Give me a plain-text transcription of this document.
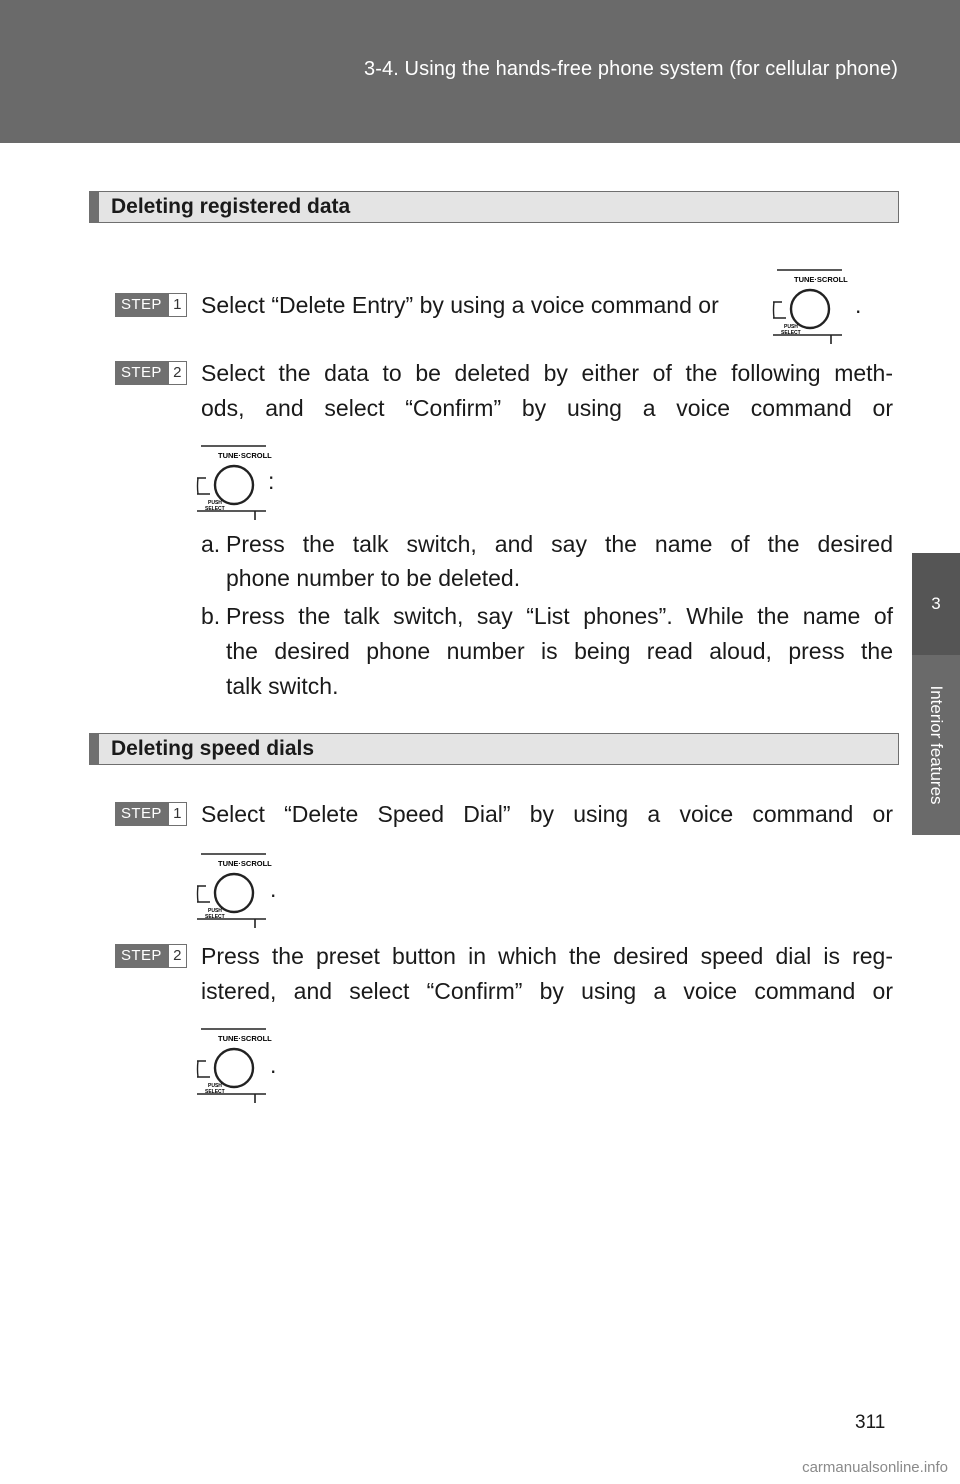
3-4. Using the hands-free phone system (for cellular phone)
3
Interior features
Deleting registered data
STEP 1 Select “Delete Entry” by using a voice command or
TUNE·SCROLL
PUSH
SELECT
.
STEP 2 Select the data to be deleted by either of the following meth-
ods, and select “Confirm” by using a voice command or
TUNE·SCROLL
PUSH
SELECT
:
a. Press the talk switch, and say the name of the desired
phone number to be deleted.
b. Press the talk switch, say “List phones”. While the name of
the desired phone number is being read aloud, press the
talk switch.
Deleting speed dials
STEP 1 Select “Delete Speed Dial” by using a voice command or
TUNE·SCROLL
PUSH
SELECT
.
STEP 2 Press the preset button in which the desired speed dial is reg-
istered, and select “Confirm” by using a voice command or
TUNE·SCROLL
PUSH
SELECT
.
311
carmanualsonline.info
